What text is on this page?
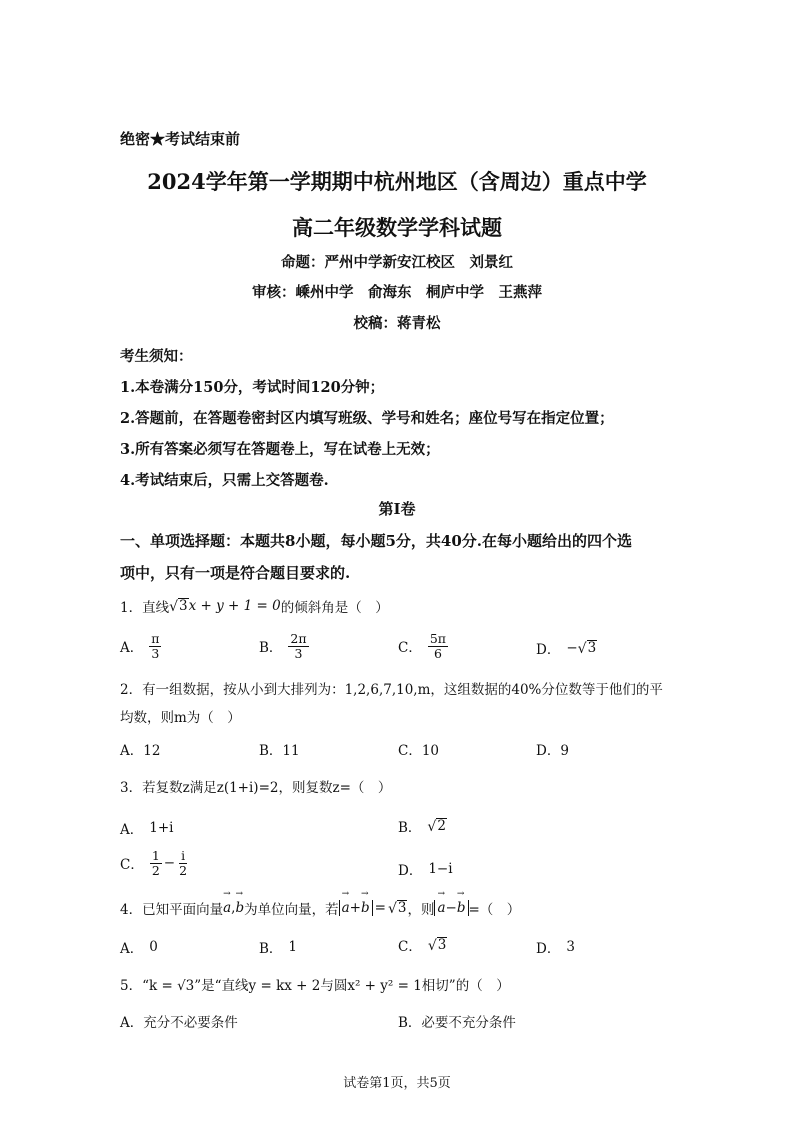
绝密★考试结束前
2024学年第一学期期中杭州地区（含周边）重点中学
高二年级数学学科试题
命题：严州中学新安江校区　刘景红
审核：嵊州中学　俞海东　桐庐中学　王燕萍
校稿：蒋青松
考生须知：
1.本卷满分150分，考试时间120分钟；
2.答题前，在答题卷密封区内填写班级、学号和姓名；座位号写在指定位置；
3.所有答案必须写在答题卷上，写在试卷上无效；
4.考试结束后，只需上交答题卷.
第Ⅰ卷
一、单项选择题：本题共8小题，每小题5分，共40分.在每小题给出的四个选
项中，只有一项是符合题目要求的.
1． 直线 √ 3 x + y + 1 = 0 的倾斜角是（　）
A． $\frac{\pi}{3}$	B． $\frac{2\pi}{3}$	C． $\frac{5\pi}{6}$	D． − √ 3
2．有一组数据，按从小到大排列为：1,2,6,7,10,m，这组数据的40%分位数等于他们的平
均数，则m为（　）
A．12	B．11	C．10	D．9
3．若复数z满足z(1+i)=2，则复数z=（　）
A． 1+i	B． √ 2
C． $\frac{1}{2} - \frac{i}{2}$	D． 1−i
4．已知平面向量 → a , → b 为单位向量，若 → a+→ b = √ 3 ，则 → a−→ b =（　）
A． 0	B． 1	C． √ 3	D． 3
5．“k = √3”是“直线y = kx + 2与圆x² + y² = 1相切”的（　）
A．充分不必要条件	B．必要不充分条件
试卷第1页，共5页
